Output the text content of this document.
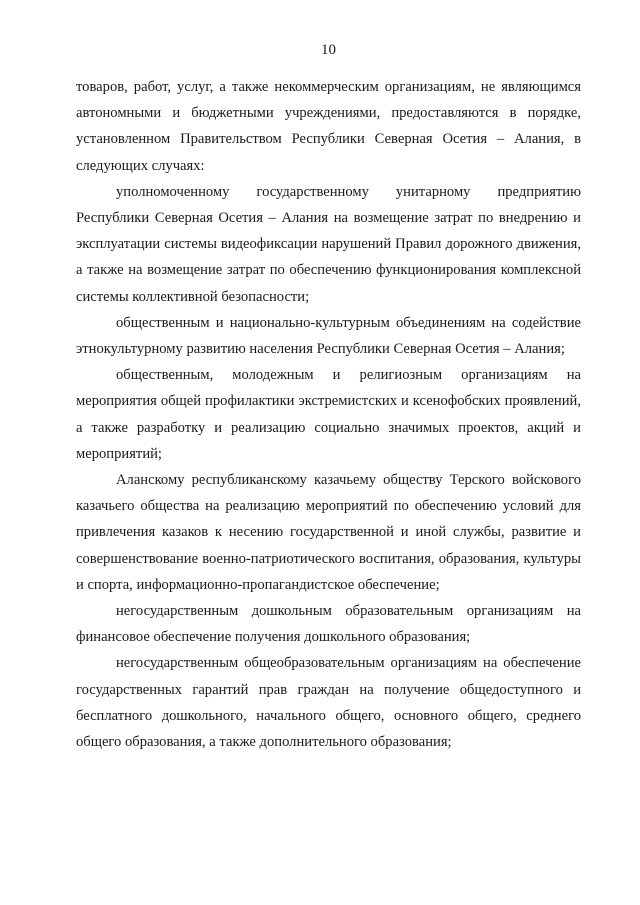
10

товаров, работ, услуг, а также некоммерческим организациям, не являющимся автономными и бюджетными учреждениями, предоставляются в порядке, установленном Правительством Республики Северная Осетия – Алания, в следующих случаях:

уполномоченному государственному унитарному предприятию Республики Северная Осетия – Алания на возмещение затрат по внедрению и эксплуатации системы видеофиксации нарушений Правил дорожного движения, а также на возмещение затрат по обеспечению функционирования комплексной системы коллективной безопасности;

общественным и национально-культурным объединениям на содействие этнокультурному развитию населения Республики Северная Осетия – Алания;

общественным, молодежным и религиозным организациям на мероприятия общей профилактики экстремистских и ксенофобских проявлений, а также разработку и реализацию социально значимых проектов, акций и мероприятий;

Аланскому республиканскому казачьему обществу Терского войскового казачьего общества на реализацию мероприятий по обеспечению условий для привлечения казаков к несению государственной и иной службы, развитие и совершенствование военно-патриотического воспитания, образования, культуры и спорта, информационно-пропагандистское обеспечение;

негосударственным дошкольным образовательным организациям на финансовое обеспечение получения дошкольного образования;

негосударственным общеобразовательным организациям на обеспечение государственных гарантий прав граждан на получение общедоступного и бесплатного дошкольного, начального общего, основного общего, среднего общего образования, а также дополнительного образования;
